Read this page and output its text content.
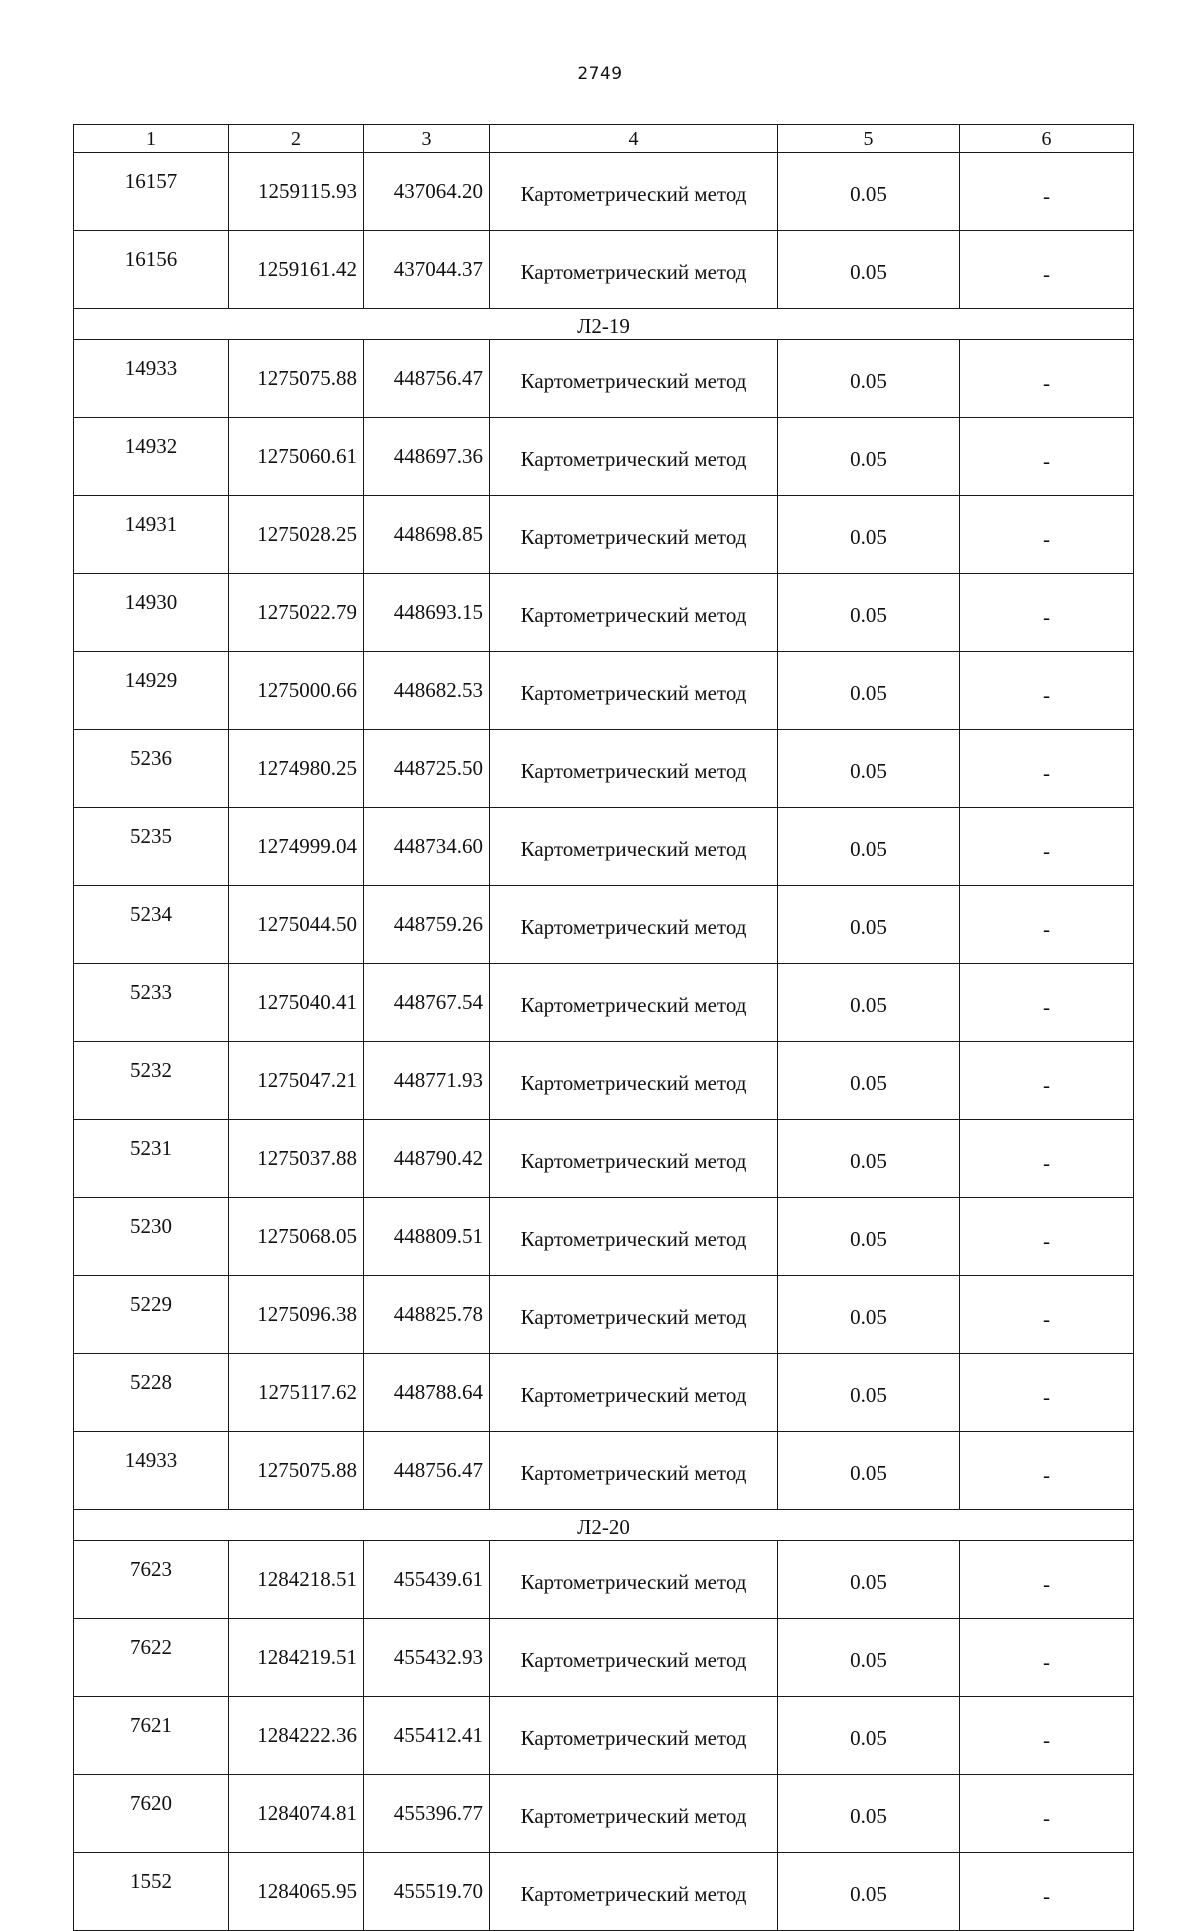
2749
1	2	3	4	5	6
16157	1259115.93	437064.20	Картометрический метод	0.05	-
16156	1259161.42	437044.37	Картометрический метод	0.05	-
Л2-19					
14933	1275075.88	448756.47	Картометрический метод	0.05	-
14932	1275060.61	448697.36	Картометрический метод	0.05	-
14931	1275028.25	448698.85	Картометрический метод	0.05	-
14930	1275022.79	448693.15	Картометрический метод	0.05	-
14929	1275000.66	448682.53	Картометрический метод	0.05	-
5236	1274980.25	448725.50	Картометрический метод	0.05	-
5235	1274999.04	448734.60	Картометрический метод	0.05	-
5234	1275044.50	448759.26	Картометрический метод	0.05	-
5233	1275040.41	448767.54	Картометрический метод	0.05	-
5232	1275047.21	448771.93	Картометрический метод	0.05	-
5231	1275037.88	448790.42	Картометрический метод	0.05	-
5230	1275068.05	448809.51	Картометрический метод	0.05	-
5229	1275096.38	448825.78	Картометрический метод	0.05	-
5228	1275117.62	448788.64	Картометрический метод	0.05	-
14933	1275075.88	448756.47	Картометрический метод	0.05	-
Л2-20					
7623	1284218.51	455439.61	Картометрический метод	0.05	-
7622	1284219.51	455432.93	Картометрический метод	0.05	-
7621	1284222.36	455412.41	Картометрический метод	0.05	-
7620	1284074.81	455396.77	Картометрический метод	0.05	-
1552	1284065.95	455519.70	Картометрический метод	0.05	-
